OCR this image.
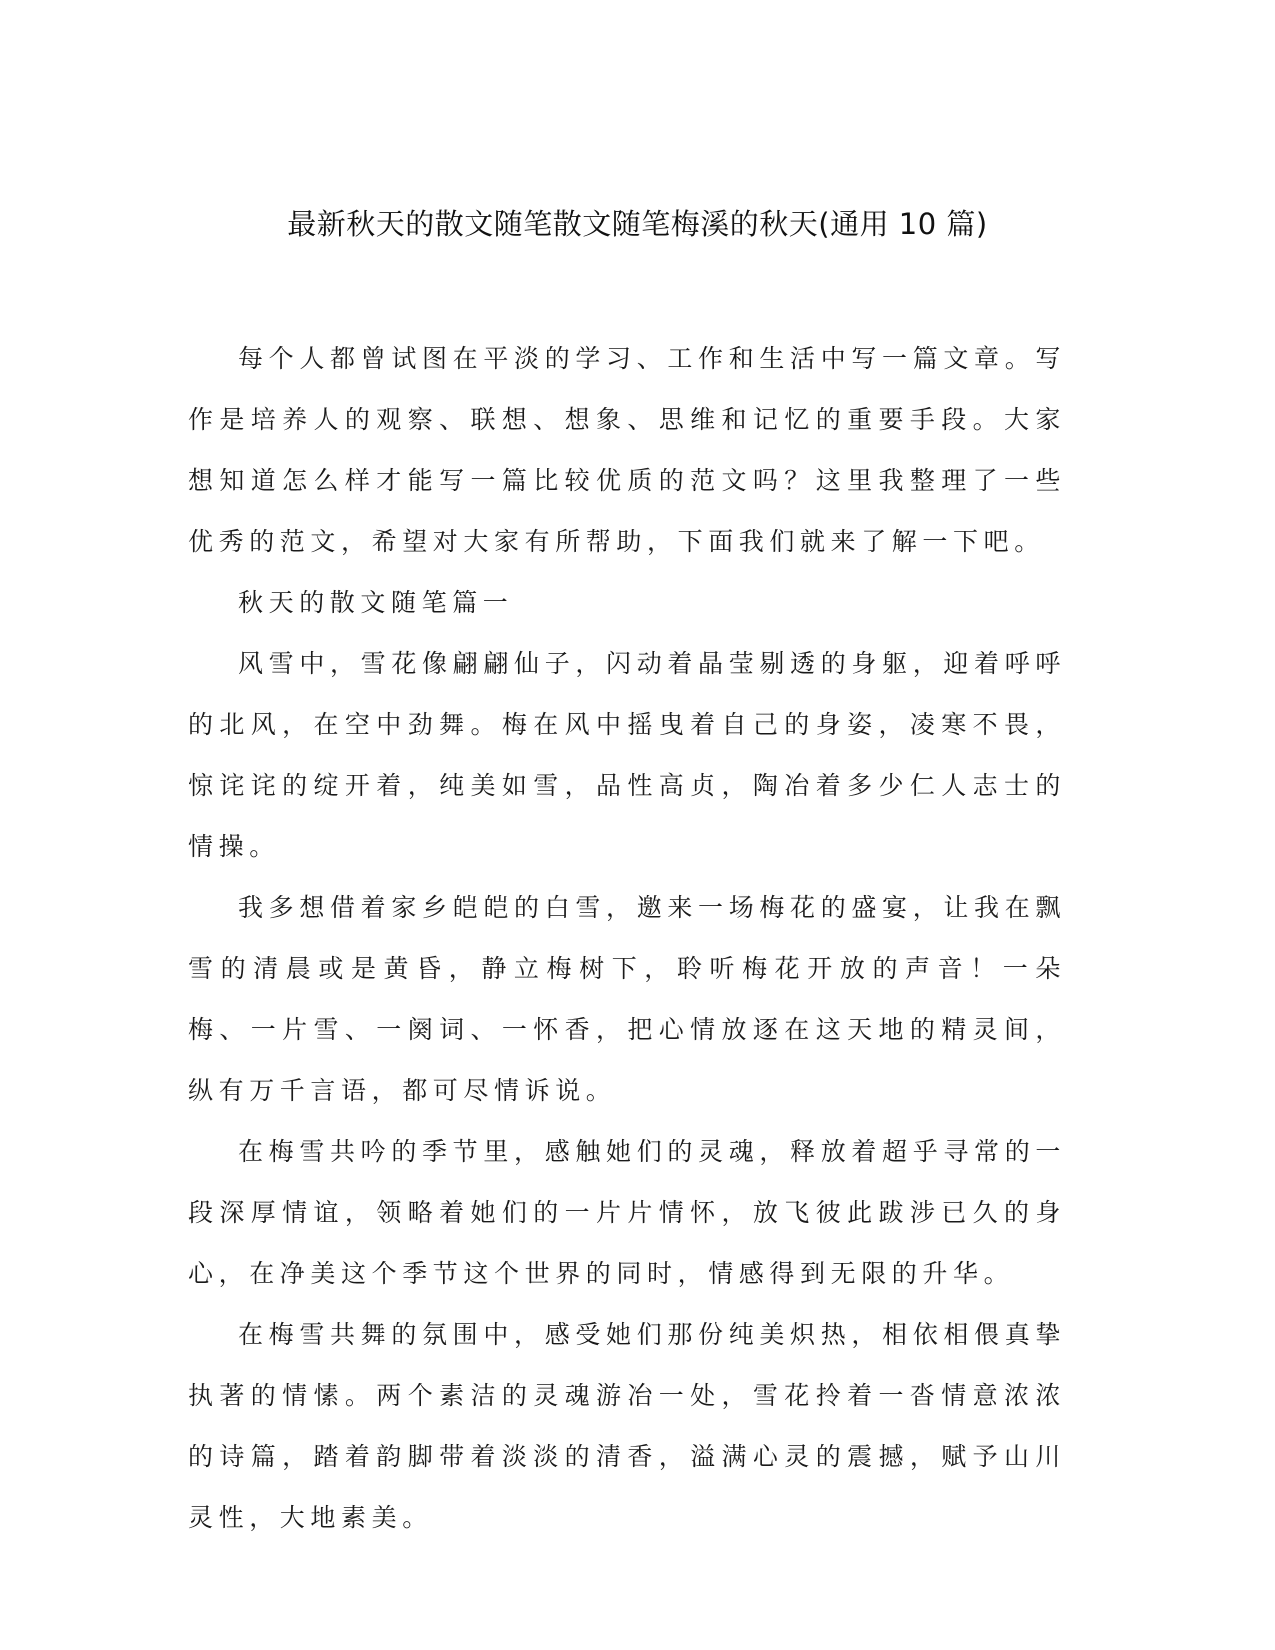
最新秋天的散文随笔散文随笔梅溪的秋天(通用 10 篇)

每个人都曾试图在平淡的学习、工作和生活中写一篇文章。写作是培养人的观察、联想、想象、思维和记忆的重要手段。大家想知道怎么样才能写一篇比较优质的范文吗？这里我整理了一些优秀的范文，希望对大家有所帮助，下面我们就来了解一下吧。

秋天的散文随笔篇一

风雪中，雪花像翩翩仙子，闪动着晶莹剔透的身躯，迎着呼呼的北风，在空中劲舞。梅在风中摇曳着自己的身姿，凌寒不畏，惊诧诧的绽开着，纯美如雪，品性高贞，陶冶着多少仁人志士的情操。

我多想借着家乡皑皑的白雪，邀来一场梅花的盛宴，让我在飘雪的清晨或是黄昏，静立梅树下，聆听梅花开放的声音！一朵梅、一片雪、一阕词、一怀香，把心情放逐在这天地的精灵间，纵有万千言语，都可尽情诉说。

在梅雪共吟的季节里，感触她们的灵魂，释放着超乎寻常的一段深厚情谊，领略着她们的一片片情怀，放飞彼此跋涉已久的身心，在净美这个季节这个世界的同时，情感得到无限的升华。

在梅雪共舞的氛围中，感受她们那份纯美炽热，相依相偎真挚执著的情愫。两个素洁的灵魂游冶一处，雪花拎着一沓情意浓浓的诗篇，踏着韵脚带着淡淡的清香，溢满心灵的震撼，赋予山川灵性，大地素美。
